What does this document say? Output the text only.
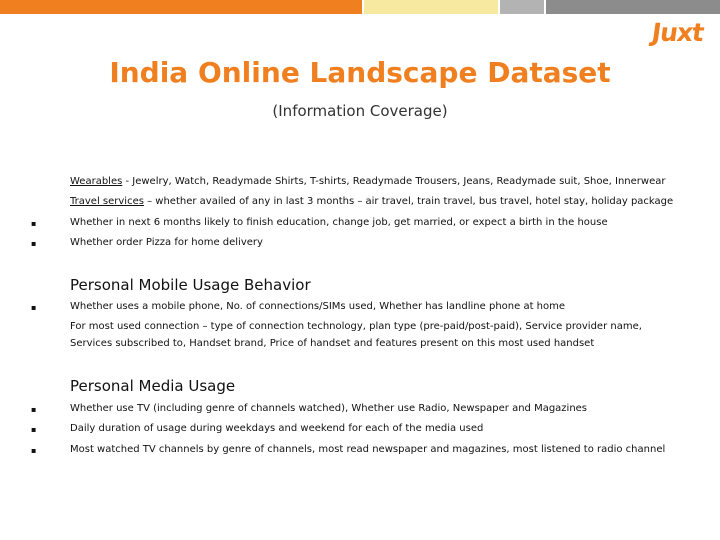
Juxt
India Online Landscape Dataset
(Information Coverage)
Wearables - Jewelry, Watch, Readymade Shirts, T-shirts, Readymade Trousers, Jeans, Readymade suit, Shoe, Innerwear
Travel services – whether availed of any in last 3 months – air travel, train travel, bus travel, hotel stay, holiday package
▪	Whether in next 6 months likely to finish education, change job, get married, or expect a birth in the house
▪	Whether order Pizza for home delivery
Personal Mobile Usage Behavior
▪	Whether uses a mobile phone, No. of connections/SIMs used, Whether has landline phone at home
For most used connection – type of connection technology, plan type (pre-paid/post-paid), Service provider name,
Services subscribed to, Handset brand, Price of handset and features present on this most used handset
Personal Media Usage
▪	Whether use TV (including genre of channels watched), Whether use Radio, Newspaper and Magazines
▪	Daily duration of usage during weekdays and weekend for each of the media used
▪	Most watched TV channels by genre of channels, most read newspaper and magazines, most listened to radio channel
